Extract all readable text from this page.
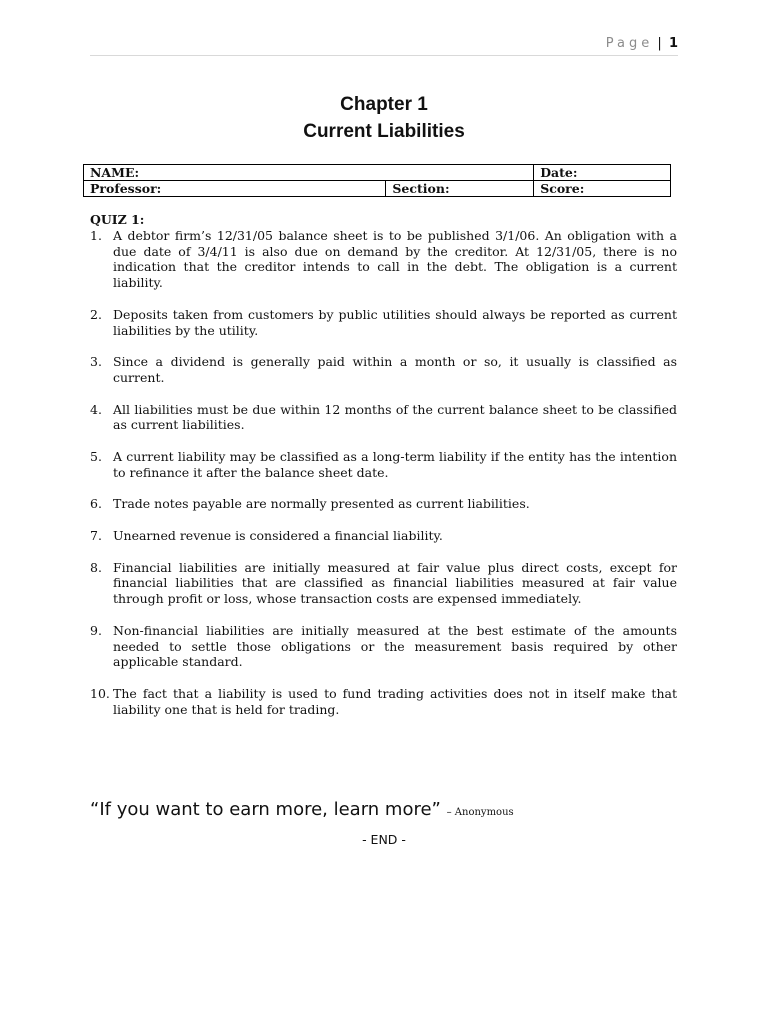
Page | 1
Chapter 1
Current Liabilities
NAME:		Date:
Professor:	Section:	Score:

QUIZ 1:

1. A debtor firm’s 12/31/05 balance sheet is to be published 3/1/06. An obligation with a due date of 3/4/11 is also due on demand by the creditor. At 12/31/05, there is no indication that the creditor intends to call in the debt. The obligation is a current liability.
2. Deposits taken from customers by public utilities should always be reported as current liabilities by the utility.
3. Since a dividend is generally paid within a month or so, it usually is classified as current.
4. All liabilities must be due within 12 months of the current balance sheet to be classified as current liabilities.
5. A current liability may be classified as a long-term liability if the entity has the intention to refinance it after the balance sheet date.
6. Trade notes payable are normally presented as current liabilities.
7. Unearned revenue is considered a financial liability.
8. Financial liabilities are initially measured at fair value plus direct costs, except for financial liabilities that are classified as financial liabilities measured at fair value through profit or loss, whose transaction costs are expensed immediately.
9. Non-financial liabilities are initially measured at the best estimate of the amounts needed to settle those obligations or the measurement basis required by other applicable standard.
10. The fact that a liability is used to fund trading activities does not in itself make that liability one that is held for trading.
“If you want to earn more, learn more” – Anonymous
- END -
